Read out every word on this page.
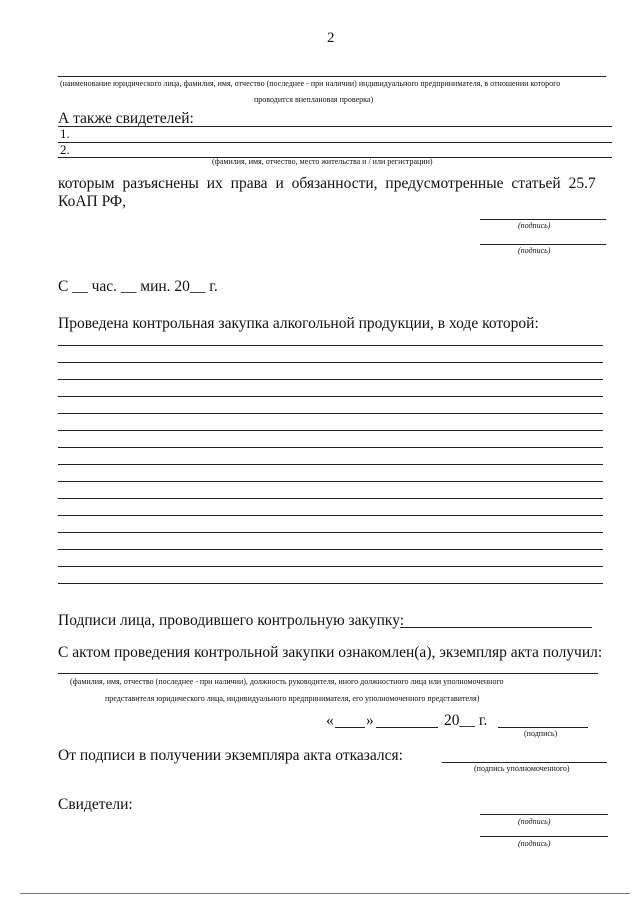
2
(наименование юридического лица, фамилия, имя, отчество (последнее - при наличии) индивидуального предпринимателя, в отношении которого
проводится внеплановая проверка)
А также свидетелей:
1.
2.
(фамилия, имя, отчество, место жительства и / или регистрации)
которым разъяснены их права и обязанности, предусмотренные статьей 25.7
КоАП РФ,
(подпись)
(подпись)
С __ час. __ мин. 20__ г.
Проведена контрольная закупка алкогольной продукции, в ходе которой:
Подписи лица, проводившего контрольную закупку:
С актом проведения контрольной закупки ознакомлен(а), экземпляр акта получил:
(фамилия, имя, отчество (последнее - при наличии), должность руководителя, иного должностного лица или уполномоченного
представителя юридического лица, индивидуального предпринимателя, его уполномоченного представителя)
« »	20__ г.
(подпись)
От подписи в получении экземпляра акта отказался:
(подпись уполномоченного)
Свидетели:
(подпись)
(подпись)
